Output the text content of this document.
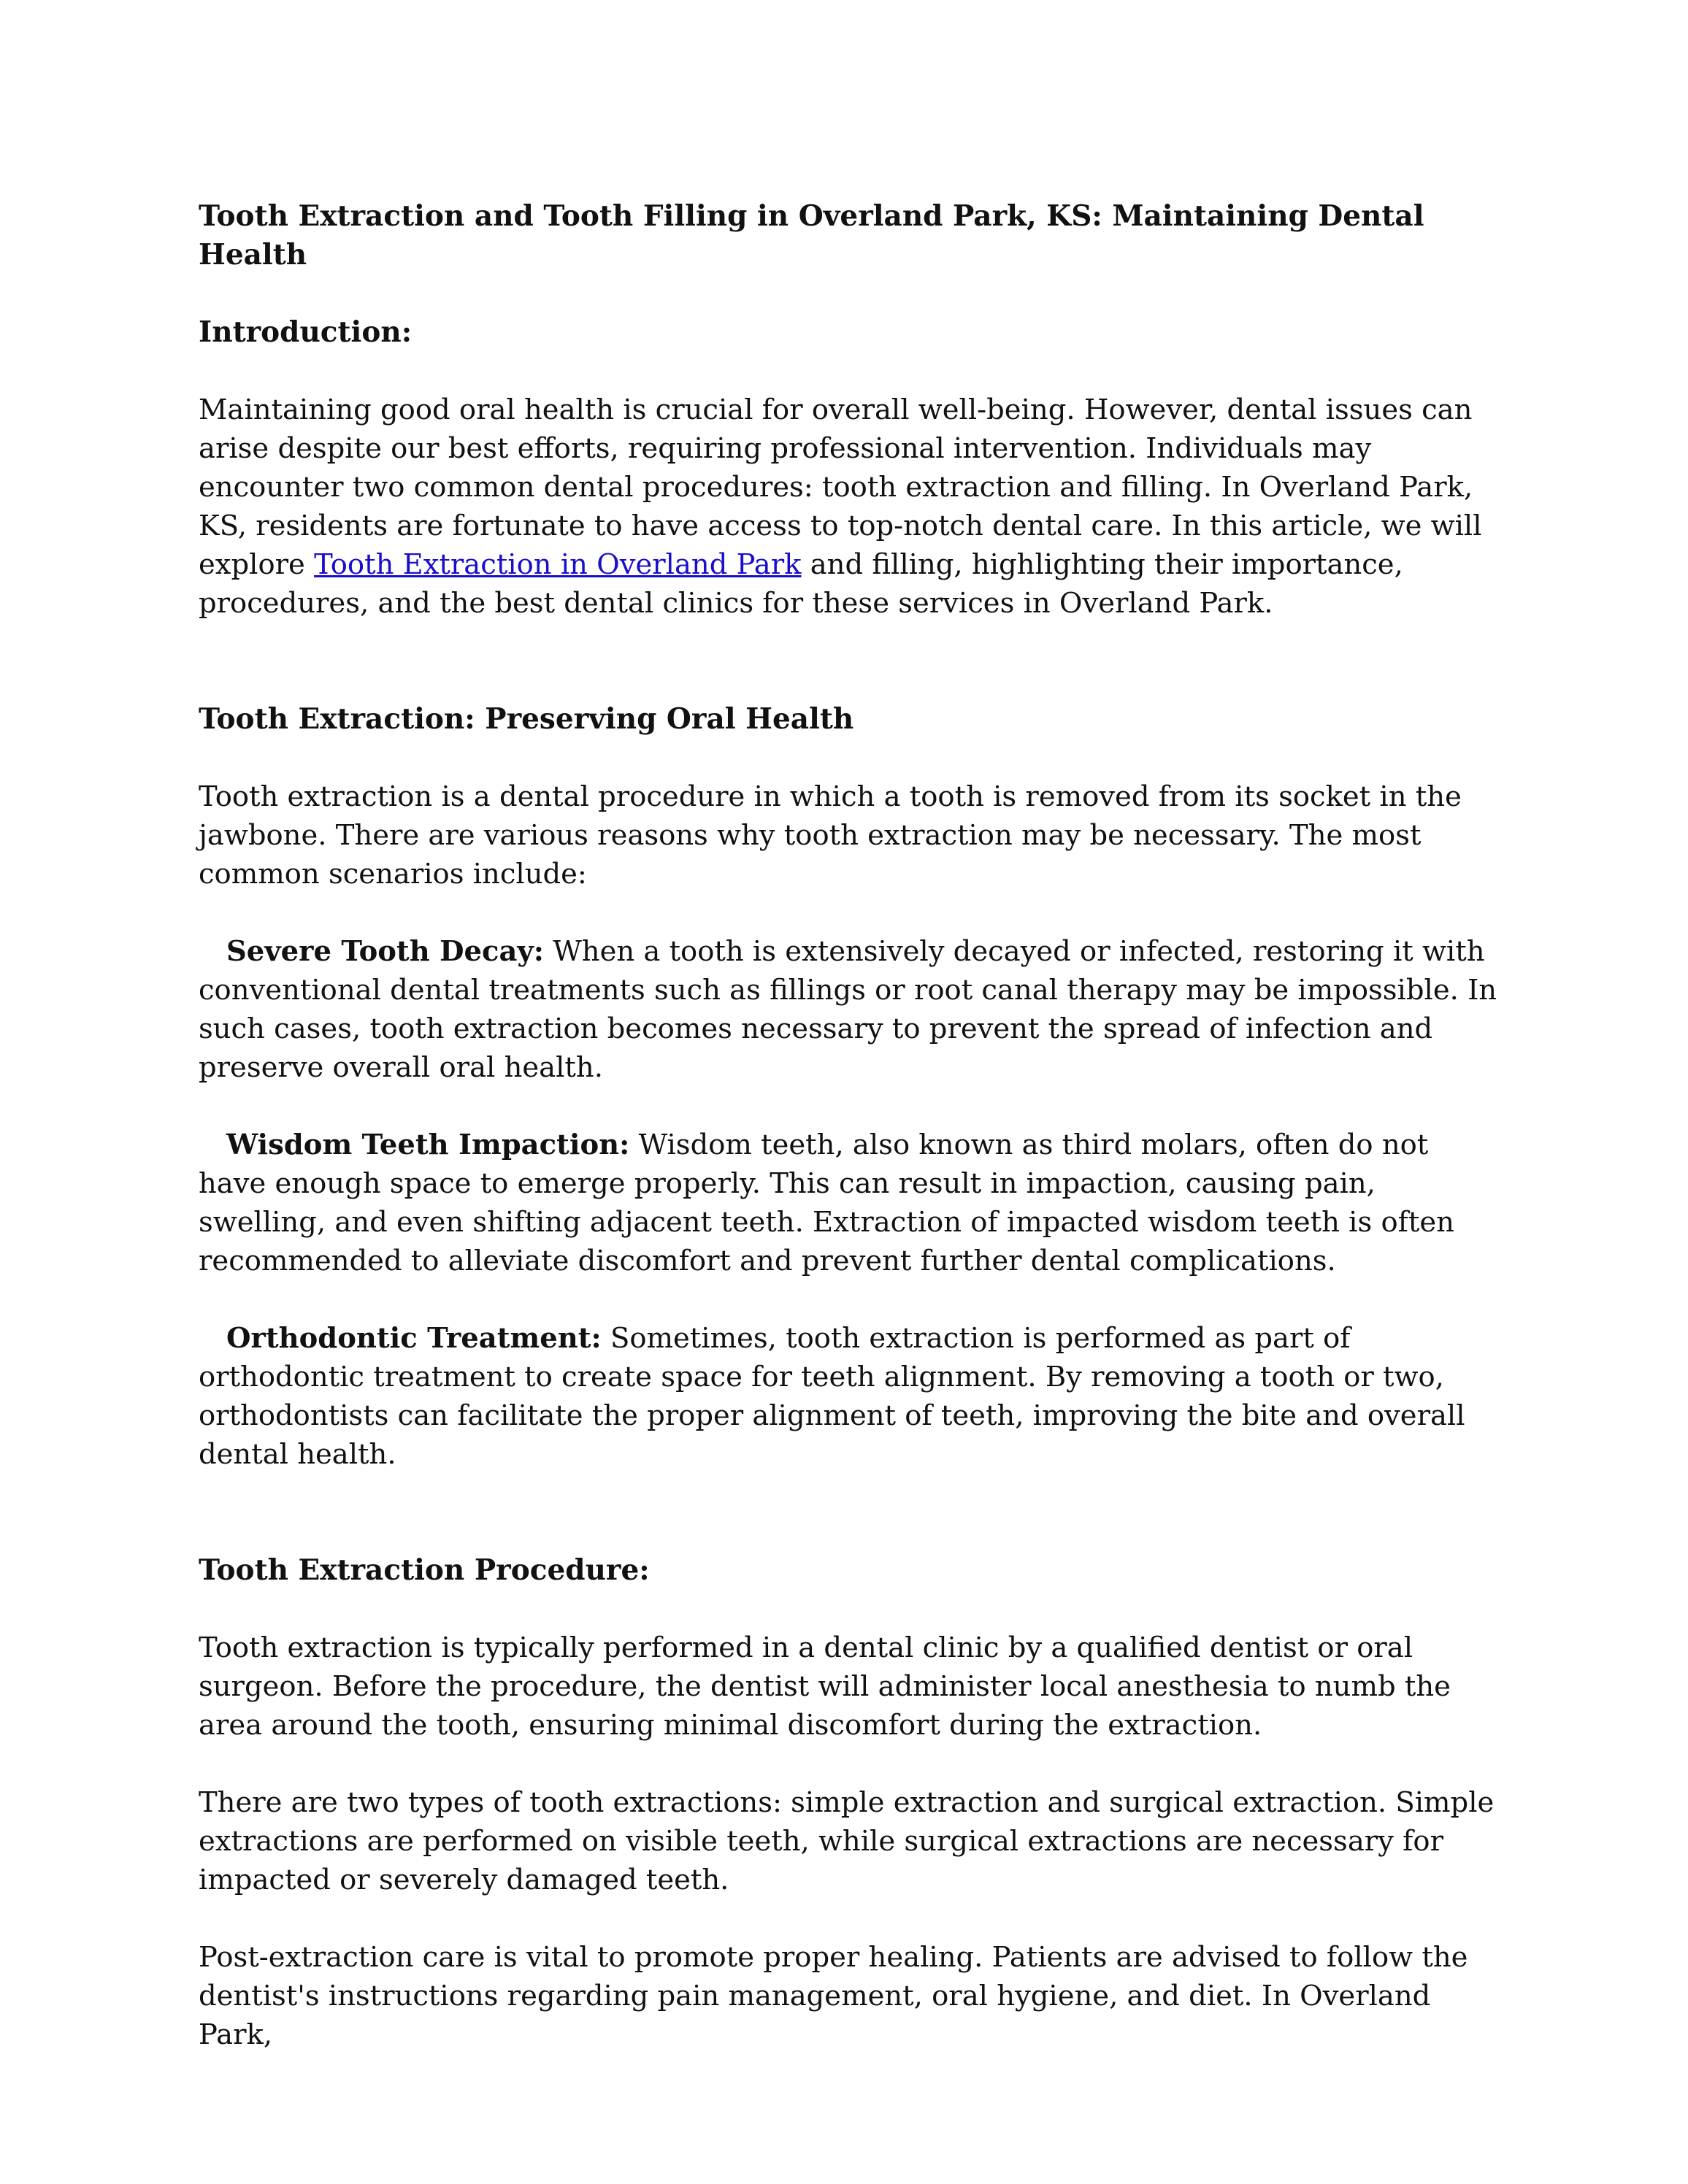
Tooth Extraction and Tooth Filling in Overland Park, KS: Maintaining Dental Health

Introduction:

Maintaining good oral health is crucial for overall well-being. However, dental issues can arise despite our best efforts, requiring professional intervention. Individuals may encounter two common dental procedures: tooth extraction and filling. In Overland Park, KS, residents are fortunate to have access to top-notch dental care. In this article, we will explore Tooth Extraction in Overland Park and filling, highlighting their importance, procedures, and the best dental clinics for these services in Overland Park.

Tooth Extraction: Preserving Oral Health

Tooth extraction is a dental procedure in which a tooth is removed from its socket in the jawbone. There are various reasons why tooth extraction may be necessary. The most common scenarios include:

Severe Tooth Decay: When a tooth is extensively decayed or infected, restoring it with conventional dental treatments such as fillings or root canal therapy may be impossible. In such cases, tooth extraction becomes necessary to prevent the spread of infection and preserve overall oral health.

Wisdom Teeth Impaction: Wisdom teeth, also known as third molars, often do not have enough space to emerge properly. This can result in impaction, causing pain, swelling, and even shifting adjacent teeth. Extraction of impacted wisdom teeth is often recommended to alleviate discomfort and prevent further dental complications.

Orthodontic Treatment: Sometimes, tooth extraction is performed as part of orthodontic treatment to create space for teeth alignment. By removing a tooth or two, orthodontists can facilitate the proper alignment of teeth, improving the bite and overall dental health.

Tooth Extraction Procedure:

Tooth extraction is typically performed in a dental clinic by a qualified dentist or oral surgeon. Before the procedure, the dentist will administer local anesthesia to numb the area around the tooth, ensuring minimal discomfort during the extraction.

There are two types of tooth extractions: simple extraction and surgical extraction. Simple extractions are performed on visible teeth, while surgical extractions are necessary for impacted or severely damaged teeth.

Post-extraction care is vital to promote proper healing. Patients are advised to follow the dentist's instructions regarding pain management, oral hygiene, and diet. In Overland Park,
